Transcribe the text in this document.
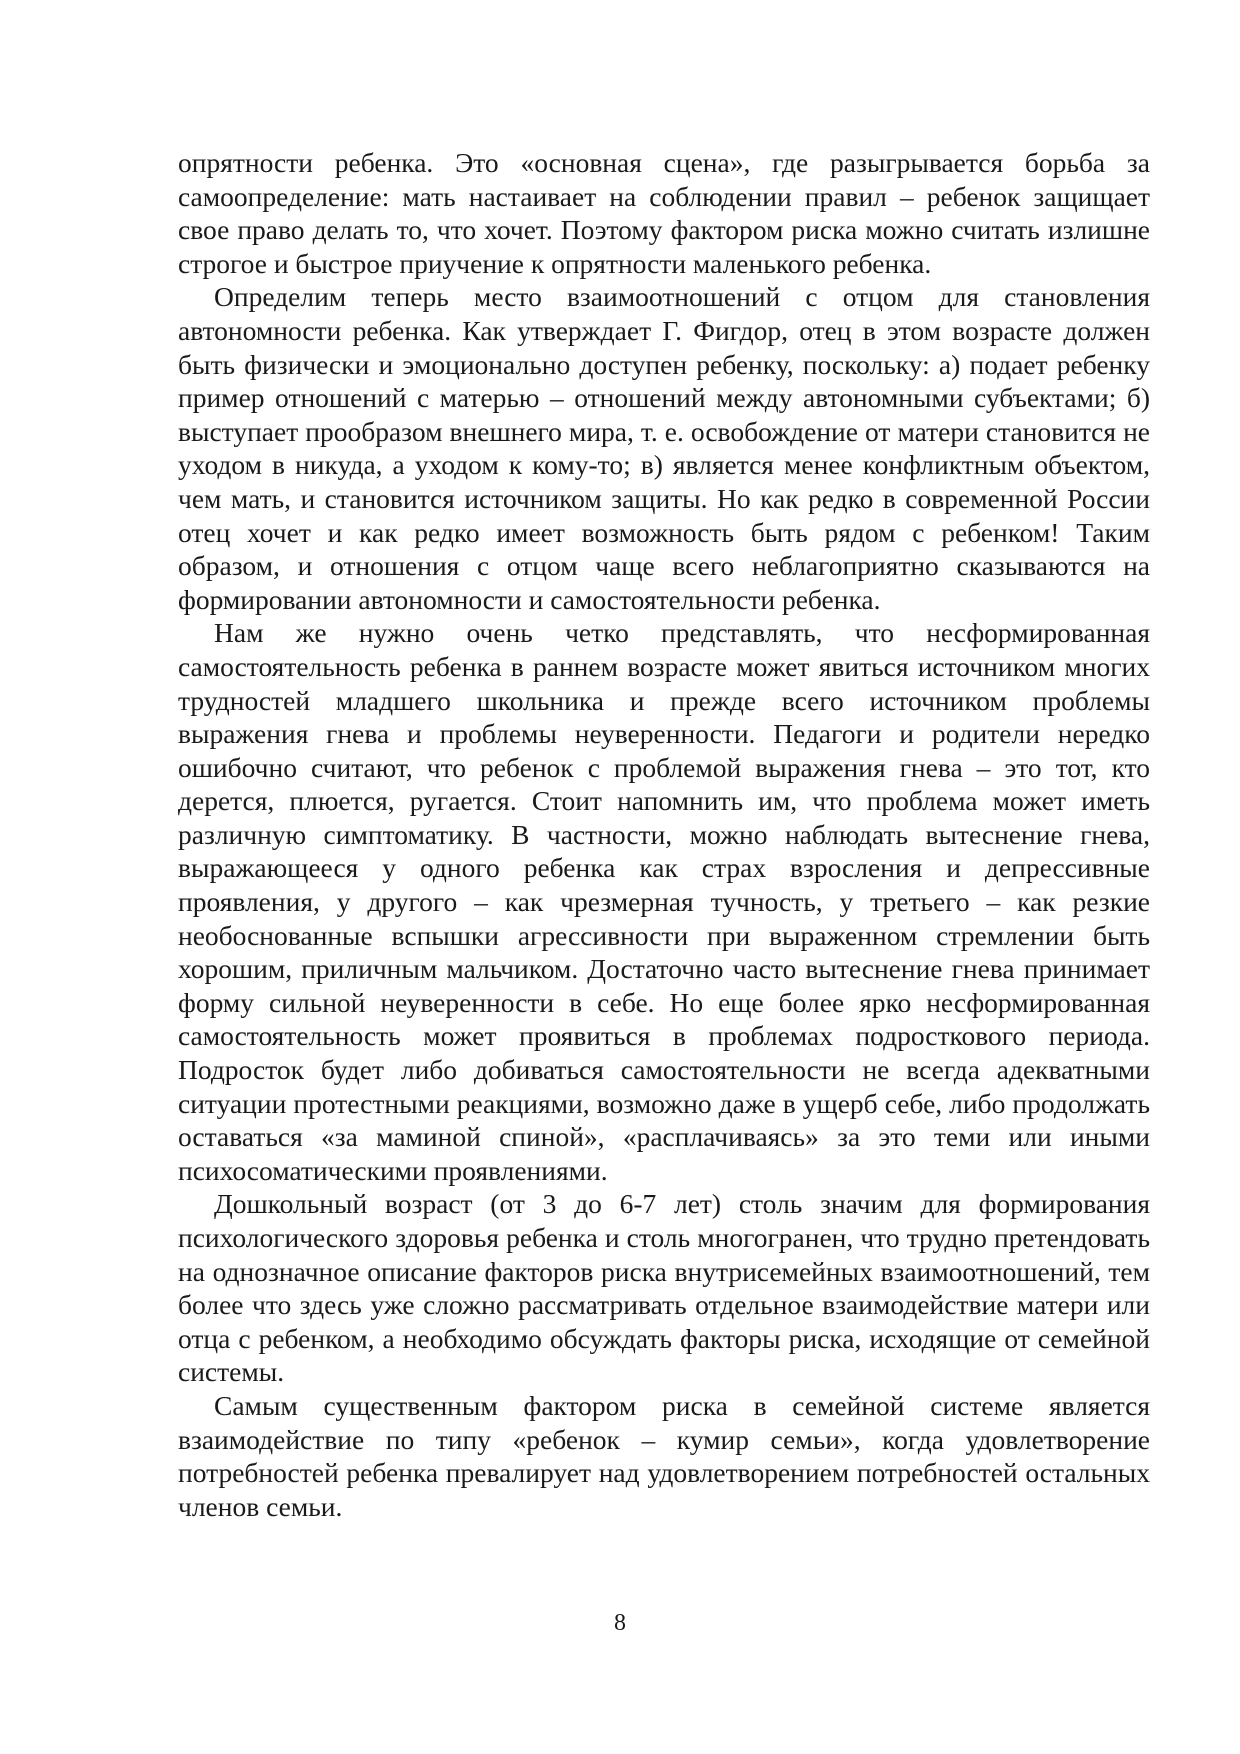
опрятности ребенка. Это «основная сцена», где разыгрывается борьба за самоопределение: мать настаивает на соблюдении правил – ребенок защищает свое право делать то, что хочет. Поэтому фактором риска можно считать излишне строгое и быстрое приучение к опрятности маленького ребенка.

Определим теперь место взаимоотношений с отцом для становления автономности ребенка. Как утверждает Г. Фигдор, отец в этом возрасте должен быть физически и эмоционально доступен ребенку, поскольку: а) подает ребенку пример отношений с матерью – отношений между автономными субъектами; б) выступает прообразом внешнего мира, т. е. освобождение от матери становится не уходом в никуда, а уходом к кому-то; в) является менее конфликтным объектом, чем мать, и становится источником защиты. Но как редко в современной России отец хочет и как редко имеет возможность быть рядом с ребенком! Таким образом, и отношения с отцом чаще всего неблагоприятно сказываются на формировании автономности и самостоятельности ребенка.

Нам же нужно очень четко представлять, что несформированная самостоятельность ребенка в раннем возрасте может явиться источником многих трудностей младшего школьника и прежде всего источником проблемы выражения гнева и проблемы неуверенности. Педагоги и родители нередко ошибочно считают, что ребенок с проблемой выражения гнева – это тот, кто дерется, плюется, ругается. Стоит напомнить им, что проблема может иметь различную симптоматику. В частности, можно наблюдать вытеснение гнева, выражающееся у одного ребенка как страх взросления и депрессивные проявления, у другого – как чрезмерная тучность, у третьего – как резкие необоснованные вспышки агрессивности при выраженном стремлении быть хорошим, приличным мальчиком. Достаточно часто вытеснение гнева принимает форму сильной неуверенности в себе. Но еще более ярко несформированная самостоятельность может проявиться в проблемах подросткового периода. Подросток будет либо добиваться самостоятельности не всегда адекватными ситуации протестными реакциями, возможно даже в ущерб себе, либо продолжать оставаться «за маминой спиной», «расплачиваясь» за это теми или иными психосоматическими проявлениями.

Дошкольный возраст (от 3 до 6-7 лет) столь значим для формирования психологического здоровья ребенка и столь многогранен, что трудно претендовать на однозначное описание факторов риска внутрисемейных взаимоотношений, тем более что здесь уже сложно рассматривать отдельное взаимодействие матери или отца с ребенком, а необходимо обсуждать факторы риска, исходящие от семейной системы.

Самым существенным фактором риска в семейной системе является взаимодействие по типу «ребенок – кумир семьи», когда удовлетворение потребностей ребенка превалирует над удовлетворением потребностей остальных членов семьи.

8
